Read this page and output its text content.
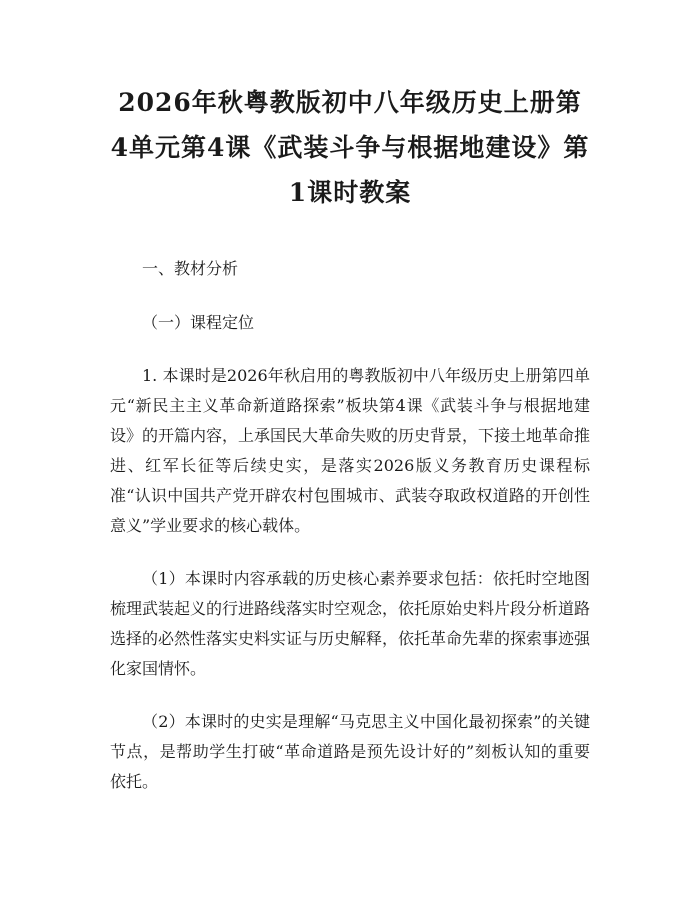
2026年秋粤教版初中八年级历史上册第4单元第4课《武装斗争与根据地建设》第1课时教案

一、教材分析

（一）课程定位

1. 本课时是2026年秋启用的粤教版初中八年级历史上册第四单元“新民主主义革命新道路探索”板块第4课《武装斗争与根据地建设》的开篇内容，上承国民大革命失败的历史背景，下接土地革命推进、红军长征等后续史实，是落实2026版义务教育历史课程标准“认识中国共产党开辟农村包围城市、武装夺取政权道路的开创性意义”学业要求的核心载体。

（1）本课时内容承载的历史核心素养要求包括：依托时空地图梳理武装起义的行进路线落实时空观念，依托原始史料片段分析道路选择的必然性落实史料实证与历史解释，依托革命先辈的探索事迹强化家国情怀。

（2）本课时的史实是理解“马克思主义中国化最初探索”的关键节点，是帮助学生打破“革命道路是预先设计好的”刻板认知的重要依托。
